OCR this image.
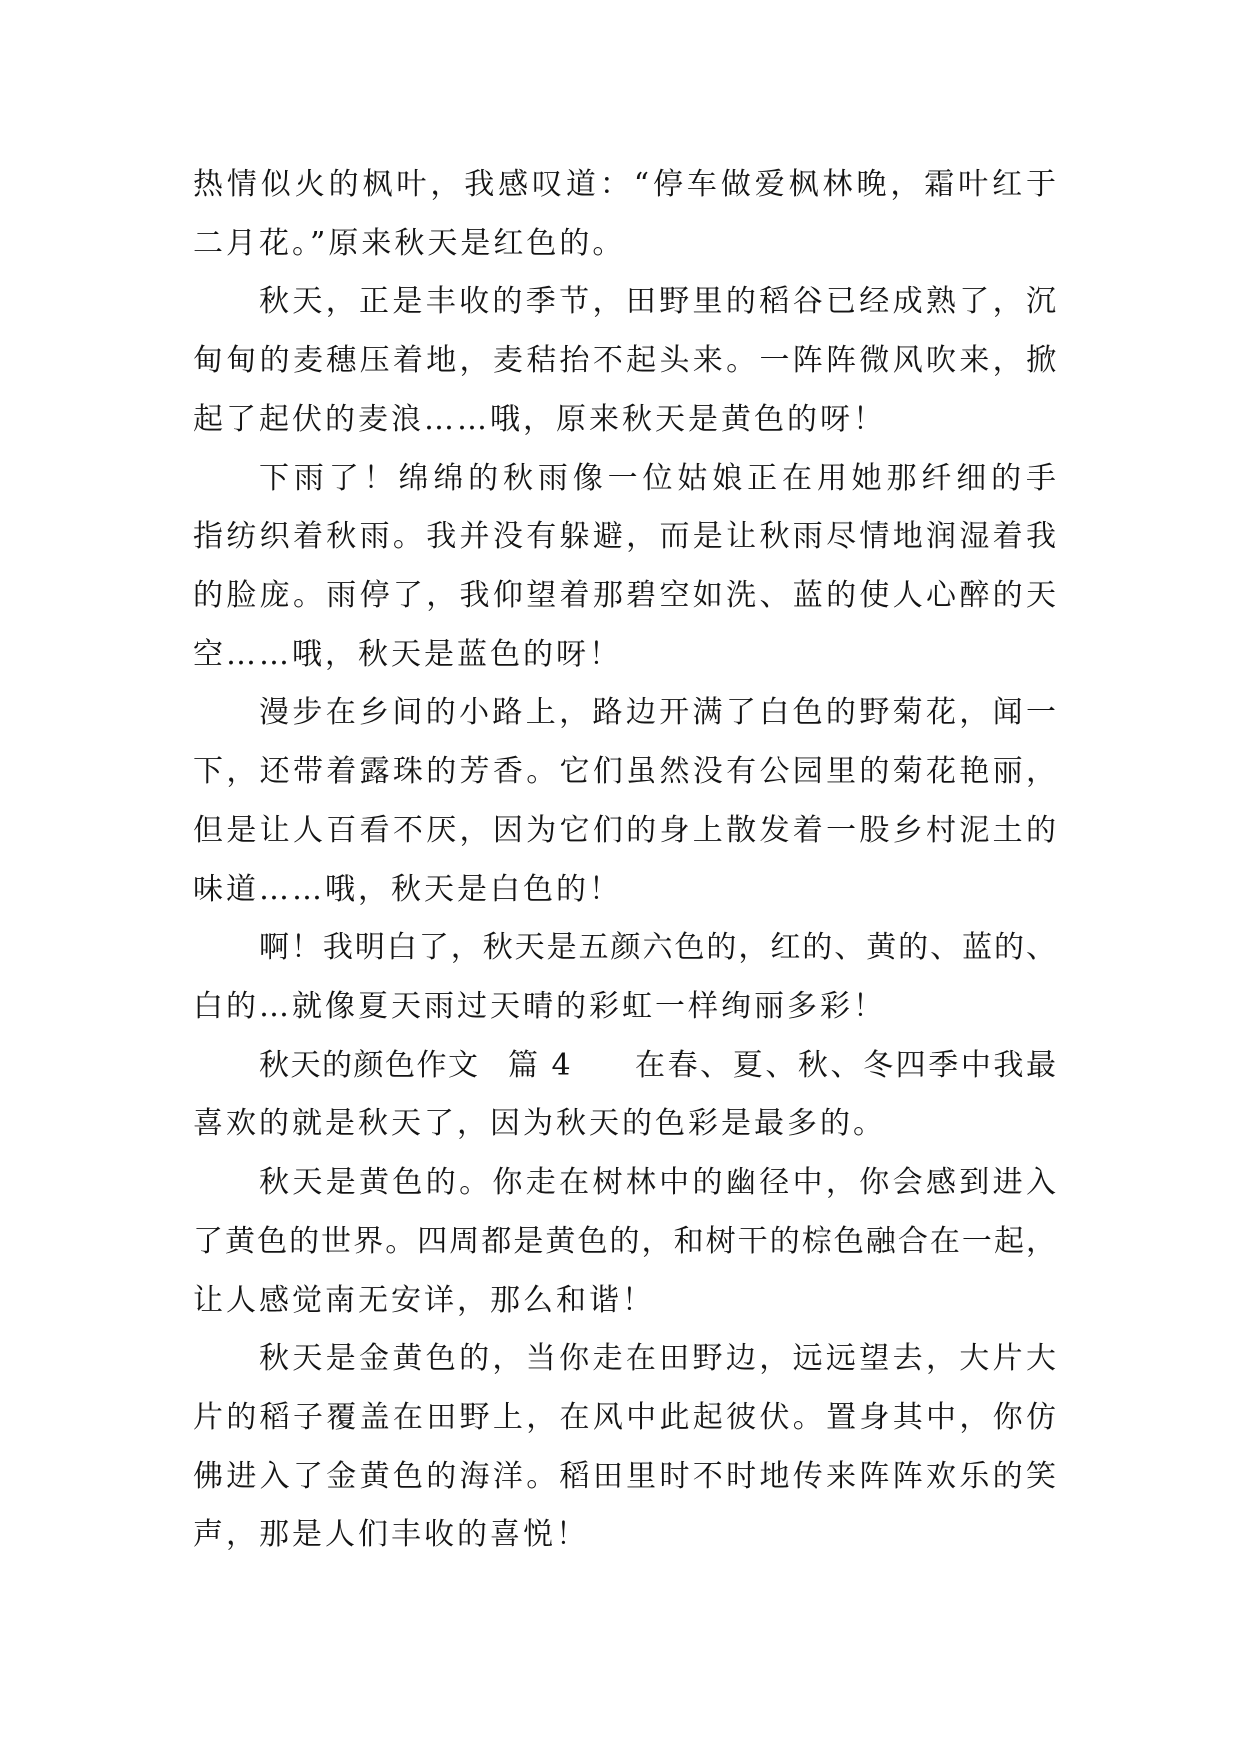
热情似火的枫叶，我感叹道：“停车做爱枫林晚，霜叶红于
二月花。”原来秋天是红色的。
秋天，正是丰收的季节，田野里的稻谷已经成熟了，沉
甸甸的麦穗压着地，麦秸抬不起头来。一阵阵微风吹来，掀
起了起伏的麦浪……哦，原来秋天是黄色的呀！
下雨了！绵绵的秋雨像一位姑娘正在用她那纤细的手
指纺织着秋雨。我并没有躲避，而是让秋雨尽情地润湿着我
的脸庞。雨停了，我仰望着那碧空如洗、蓝的使人心醉的天
空……哦，秋天是蓝色的呀！
漫步在乡间的小路上，路边开满了白色的野菊花，闻一
下，还带着露珠的芳香。它们虽然没有公园里的菊花艳丽，
但是让人百看不厌，因为它们的身上散发着一股乡村泥土的
味道……哦，秋天是白色的！
啊！我明白了，秋天是五颜六色的，红的、黄的、蓝的、
白的…就像夏天雨过天晴的彩虹一样绚丽多彩！
秋天的颜色作文 篇 4 在春、夏、秋、冬四季中我最
喜欢的就是秋天了，因为秋天的色彩是最多的。
秋天是黄色的。你走在树林中的幽径中，你会感到进入
了黄色的世界。四周都是黄色的，和树干的棕色融合在一起，
让人感觉南无安详，那么和谐！
秋天是金黄色的，当你走在田野边，远远望去，大片大
片的稻子覆盖在田野上，在风中此起彼伏。置身其中，你仿
佛进入了金黄色的海洋。稻田里时不时地传来阵阵欢乐的笑
声，那是人们丰收的喜悦！
